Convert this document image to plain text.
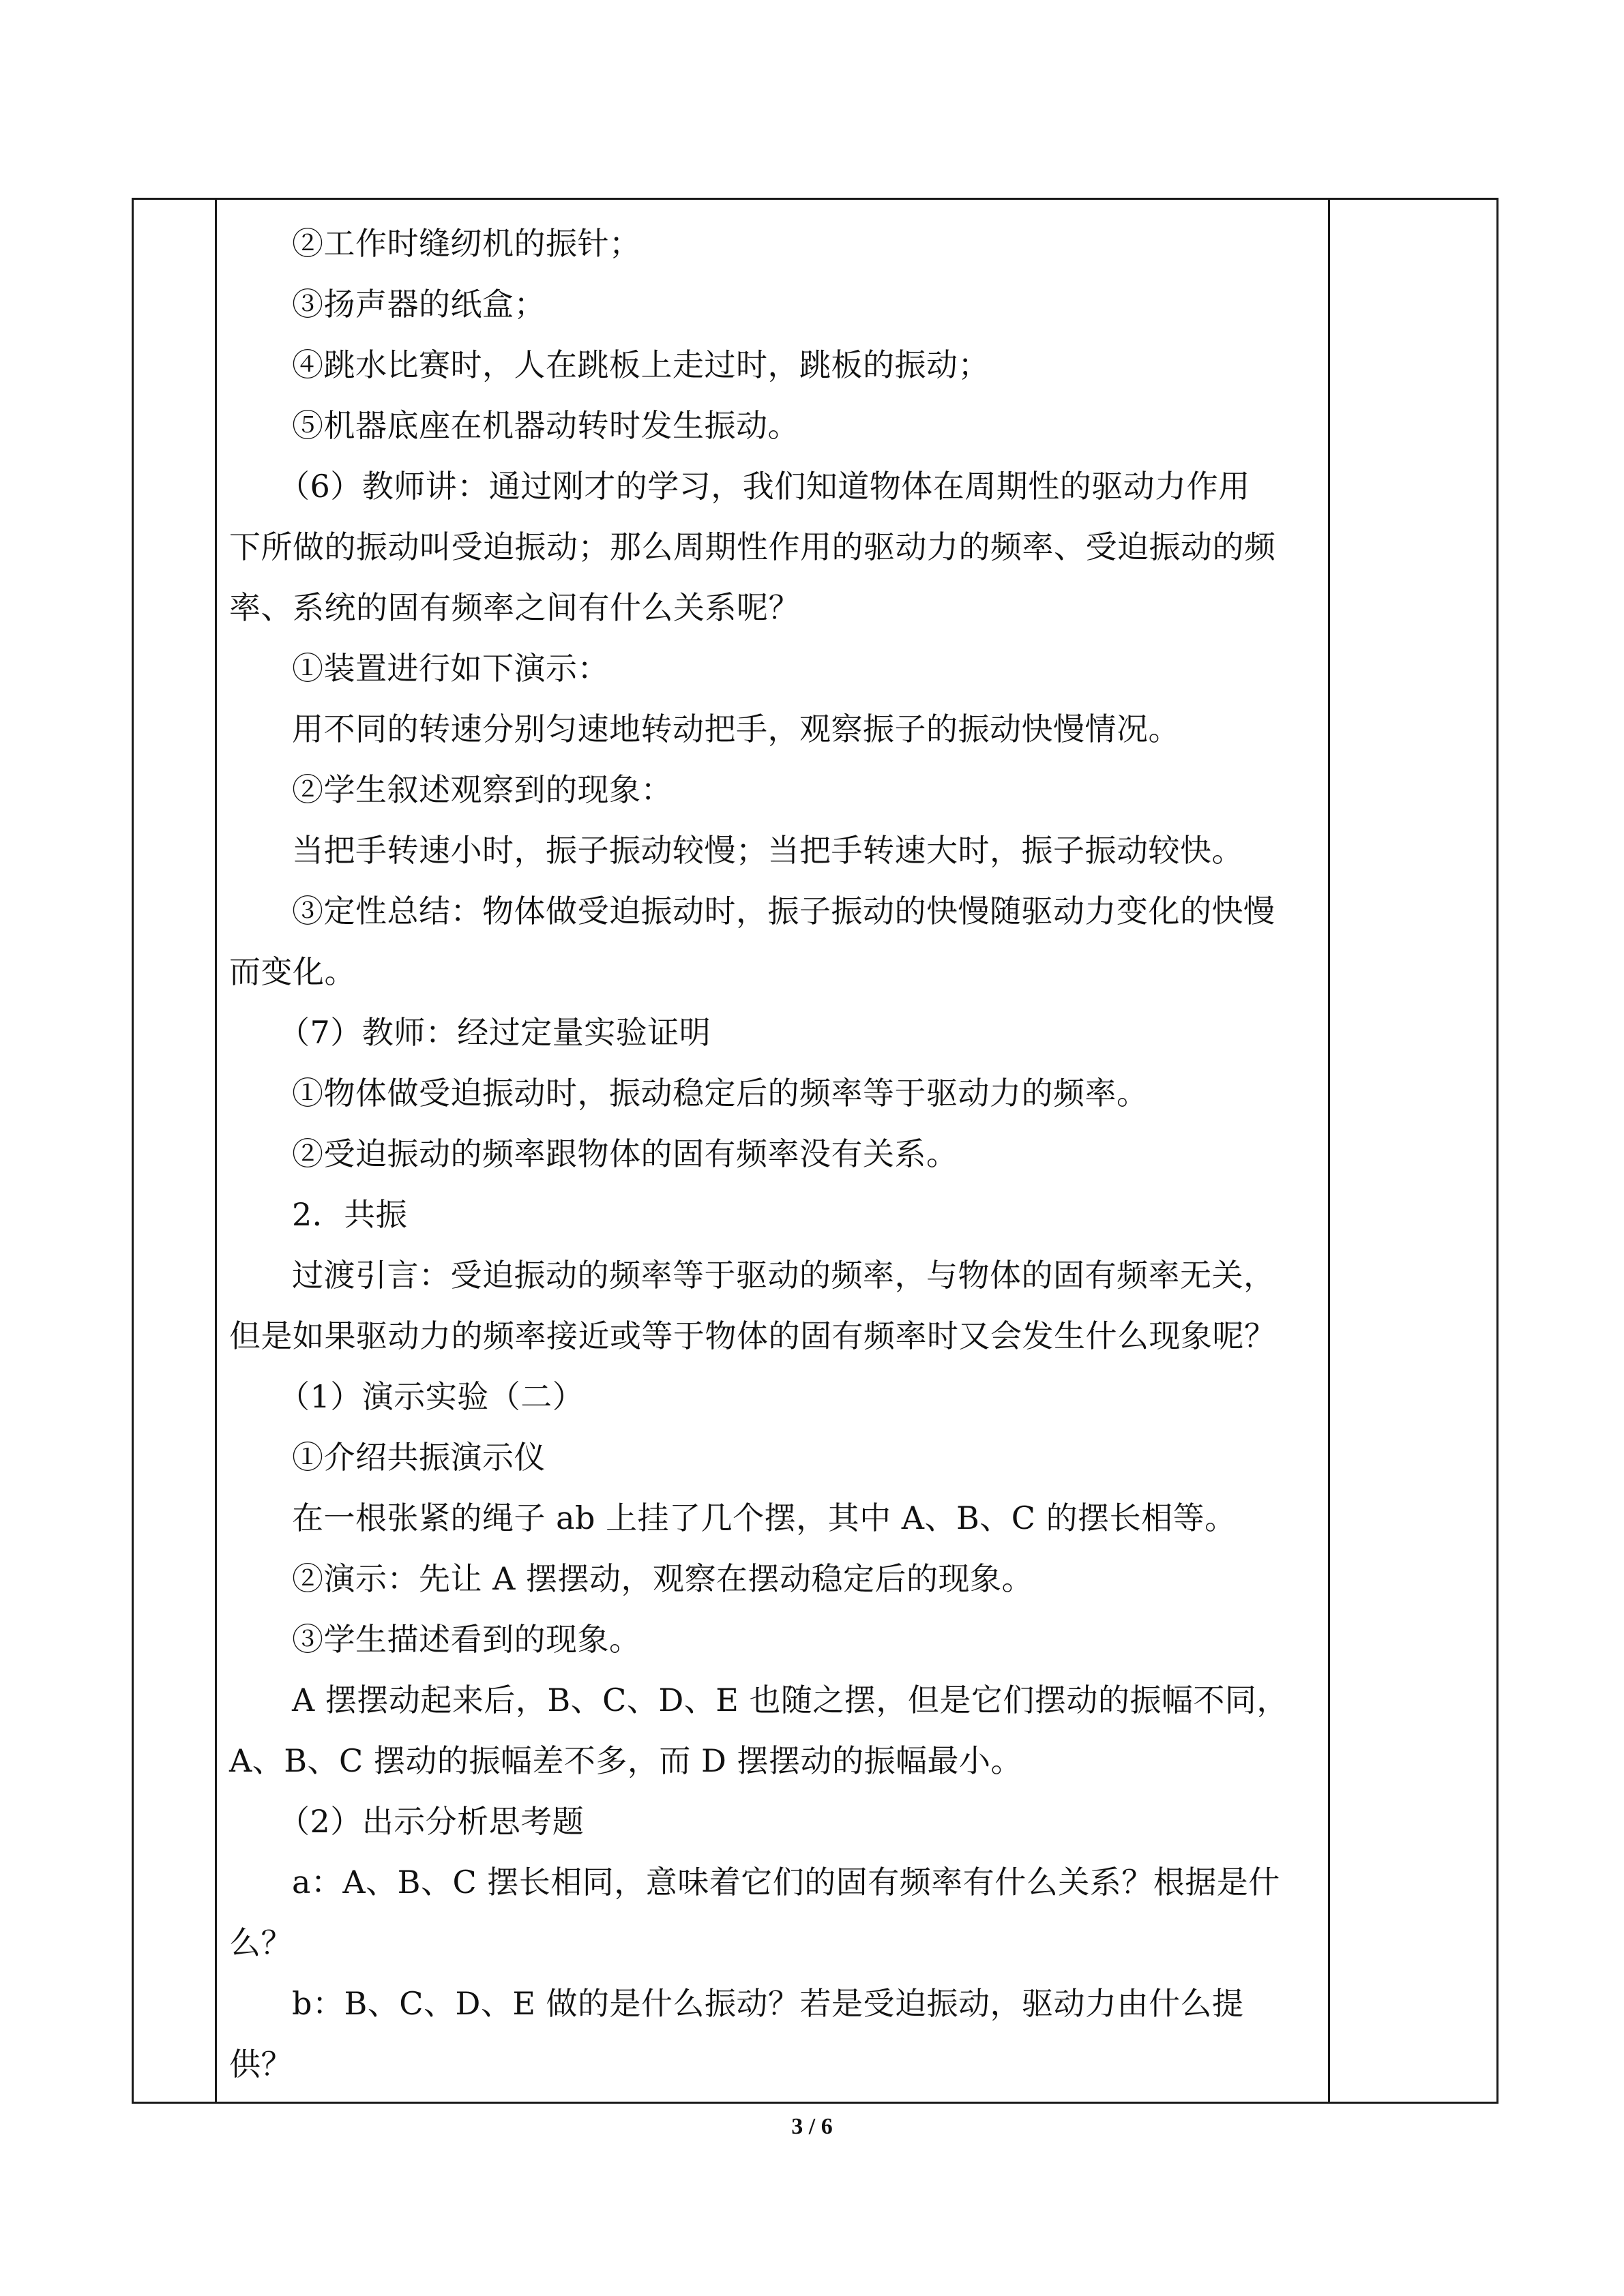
②工作时缝纫机的振针；
③扬声器的纸盒；
④跳水比赛时，人在跳板上走过时，跳板的振动；
⑤机器底座在机器动转时发生振动。
（6）教师讲：通过刚才的学习，我们知道物体在周期性的驱动力作用
下所做的振动叫受迫振动；那么周期性作用的驱动力的频率、受迫振动的频
率、系统的固有频率之间有什么关系呢？
①装置进行如下演示：
用不同的转速分别匀速地转动把手，观察振子的振动快慢情况。
②学生叙述观察到的现象：
当把手转速小时，振子振动较慢；当把手转速大时，振子振动较快。
③定性总结：物体做受迫振动时，振子振动的快慢随驱动力变化的快慢
而变化。
（7）教师：经过定量实验证明
①物体做受迫振动时，振动稳定后的频率等于驱动力的频率。
②受迫振动的频率跟物体的固有频率没有关系。
2．共振
过渡引言：受迫振动的频率等于驱动的频率，与物体的固有频率无关，
但是如果驱动力的频率接近或等于物体的固有频率时又会发生什么现象呢？
（1）演示实验（二）
①介绍共振演示仪
在一根张紧的绳子 ab 上挂了几个摆，其中 A、B、C 的摆长相等。
②演示：先让 A 摆摆动，观察在摆动稳定后的现象。
③学生描述看到的现象。
A 摆摆动起来后，B、C、D、E 也随之摆，但是它们摆动的振幅不同，
A、B、C 摆动的振幅差不多，而 D 摆摆动的振幅最小。
（2）出示分析思考题
a：A、B、C 摆长相同，意味着它们的固有频率有什么关系？根据是什
么？
b：B、C、D、E 做的是什么振动？若是受迫振动，驱动力由什么提
供？
3 / 6
